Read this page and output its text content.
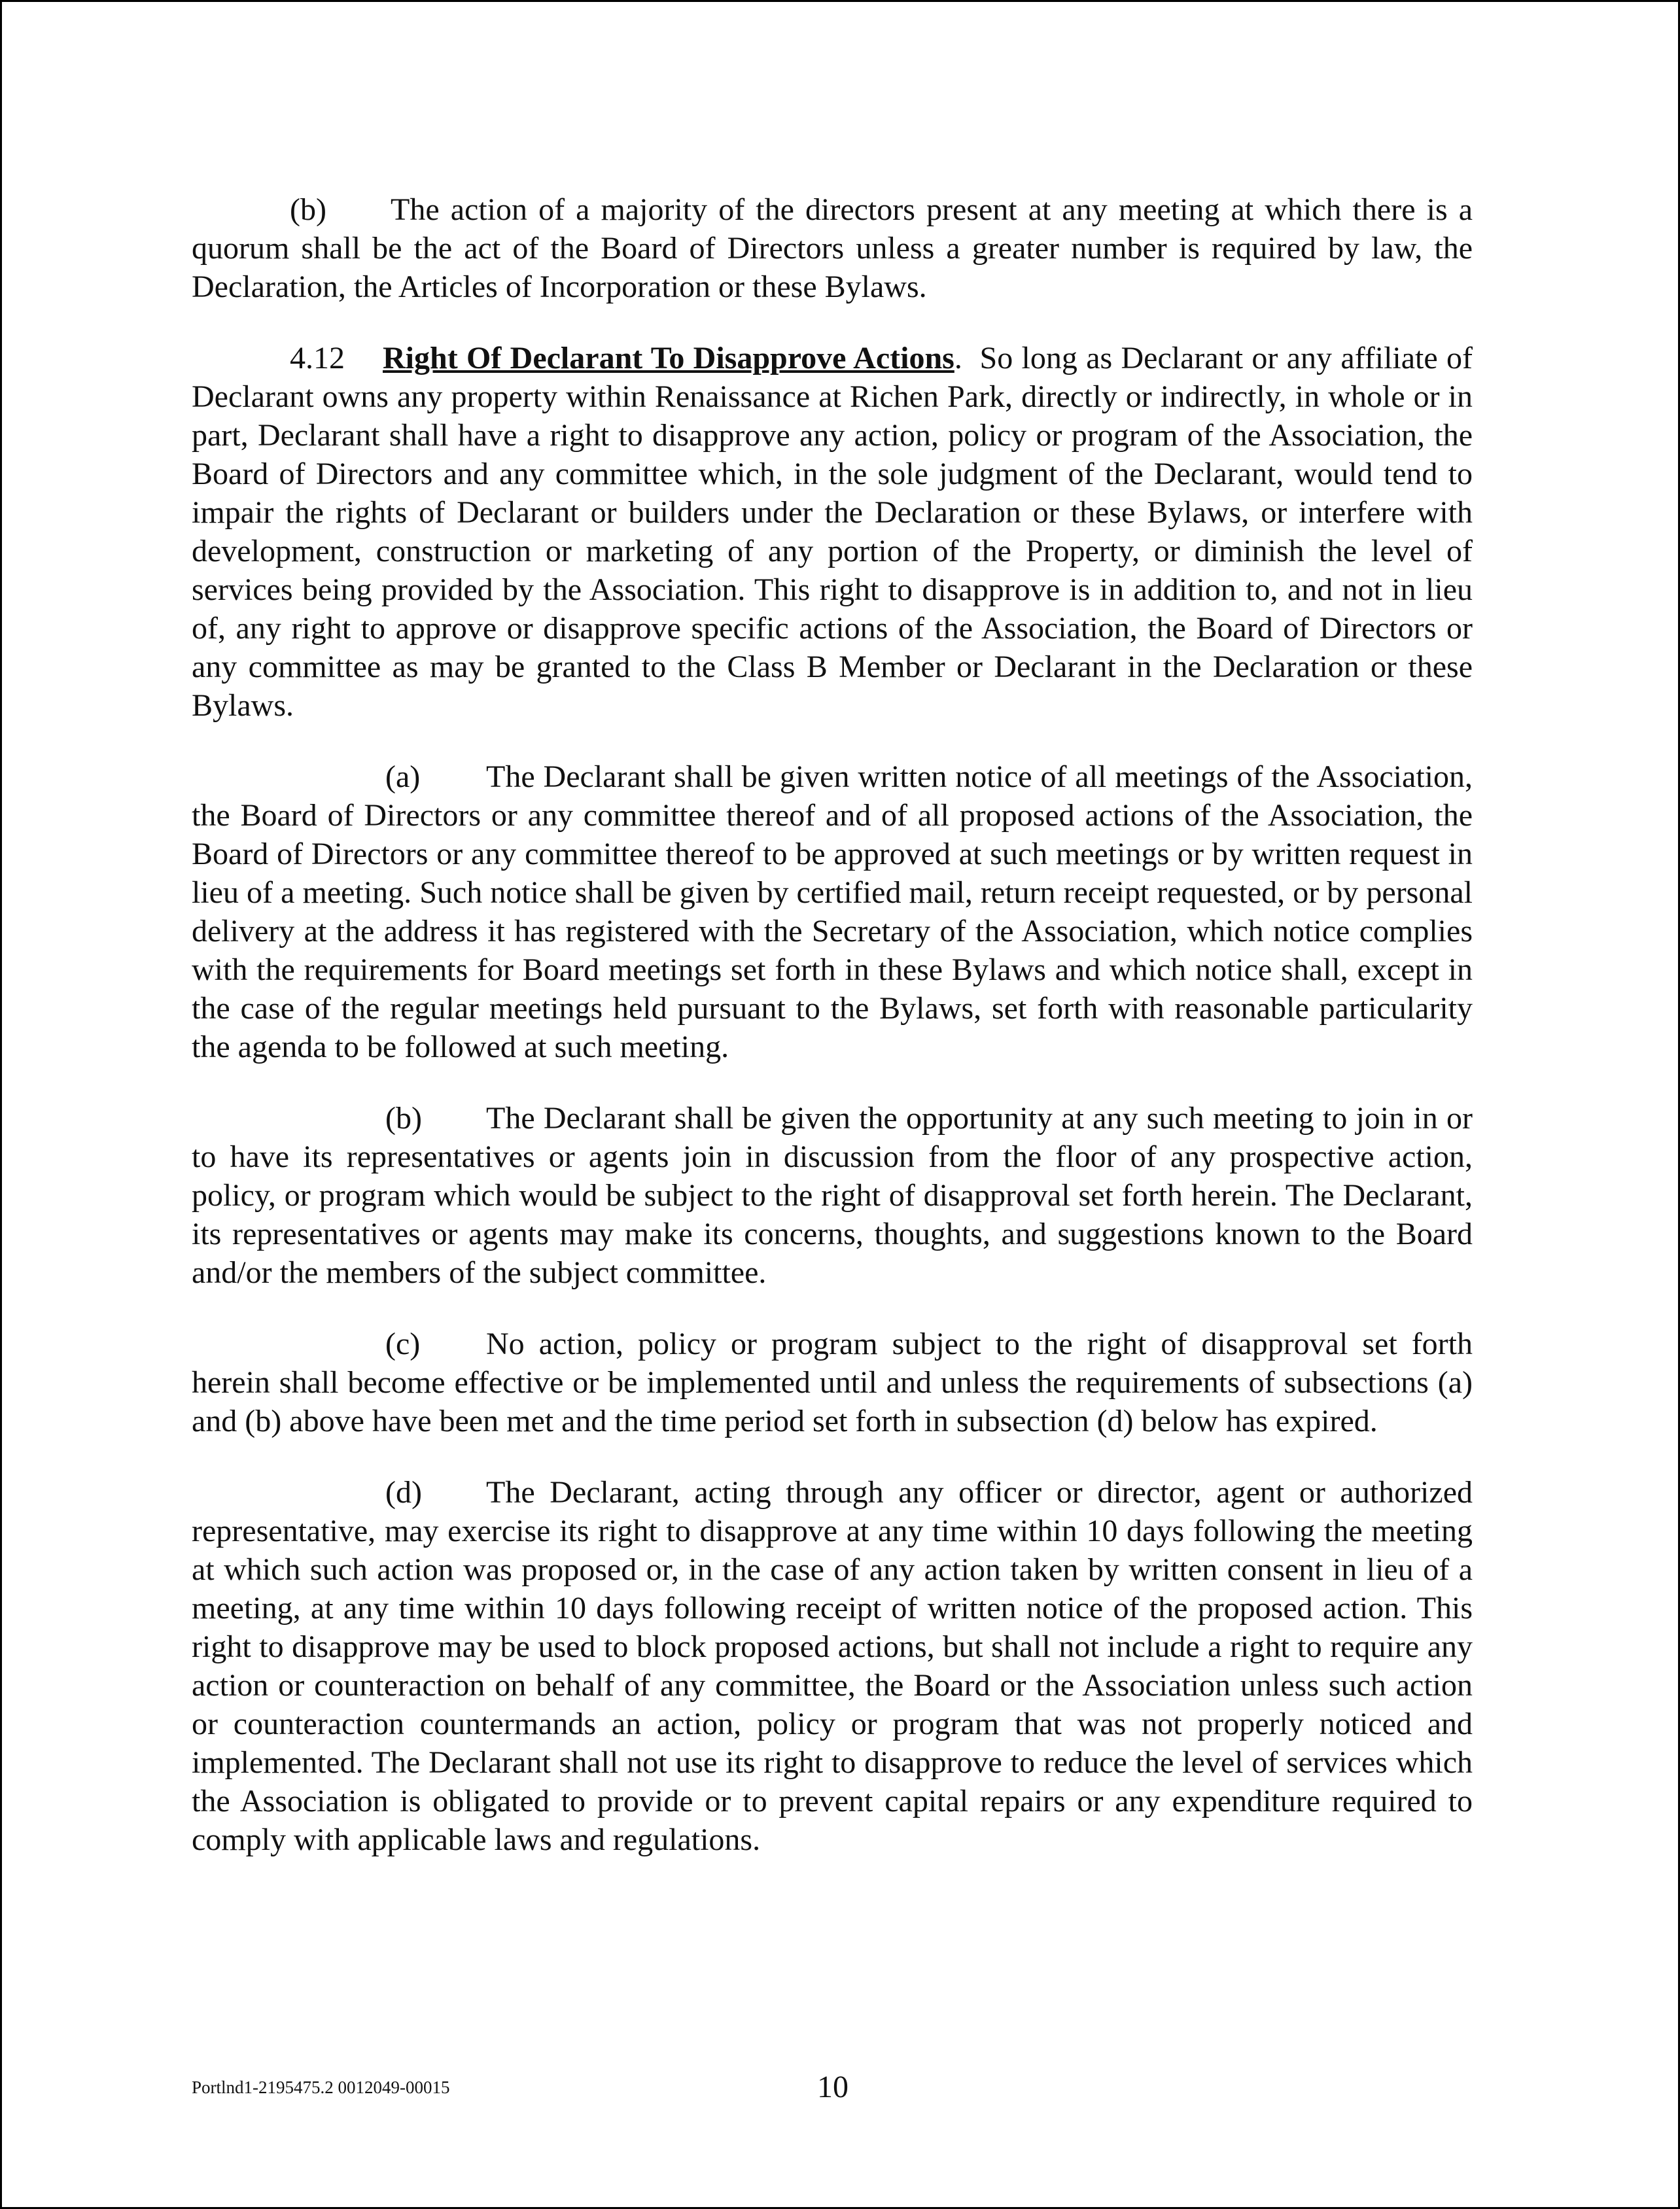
(b) The action of a majority of the directors present at any meeting at which there is a quorum shall be the act of the Board of Directors unless a greater number is required by law, the Declaration, the Articles of Incorporation or these Bylaws.

4.12 Right Of Declarant To Disapprove Actions. So long as Declarant or any affiliate of Declarant owns any property within Renaissance at Richen Park, directly or indirectly, in whole or in part, Declarant shall have a right to disapprove any action, policy or program of the Association, the Board of Directors and any committee which, in the sole judgment of the Declarant, would tend to impair the rights of Declarant or builders under the Declaration or these Bylaws, or interfere with development, construction or marketing of any portion of the Property, or diminish the level of services being provided by the Association. This right to disapprove is in addition to, and not in lieu of, any right to approve or disapprove specific actions of the Association, the Board of Directors or any committee as may be granted to the Class B Member or Declarant in the Declaration or these Bylaws.

(a) The Declarant shall be given written notice of all meetings of the Association, the Board of Directors or any committee thereof and of all proposed actions of the Association, the Board of Directors or any committee thereof to be approved at such meetings or by written request in lieu of a meeting. Such notice shall be given by certified mail, return receipt requested, or by personal delivery at the address it has registered with the Secretary of the Association, which notice complies with the requirements for Board meetings set forth in these Bylaws and which notice shall, except in the case of the regular meetings held pursuant to the Bylaws, set forth with reasonable particularity the agenda to be followed at such meeting.

(b) The Declarant shall be given the opportunity at any such meeting to join in or to have its representatives or agents join in discussion from the floor of any prospective action, policy, or program which would be subject to the right of disapproval set forth herein. The Declarant, its representatives or agents may make its concerns, thoughts, and suggestions known to the Board and/or the members of the subject committee.

(c) No action, policy or program subject to the right of disapproval set forth herein shall become effective or be implemented until and unless the requirements of subsections (a) and (b) above have been met and the time period set forth in subsection (d) below has expired.

(d) The Declarant, acting through any officer or director, agent or authorized representative, may exercise its right to disapprove at any time within 10 days following the meeting at which such action was proposed or, in the case of any action taken by written consent in lieu of a meeting, at any time within 10 days following receipt of written notice of the proposed action. This right to disapprove may be used to block proposed actions, but shall not include a right to require any action or counteraction on behalf of any committee, the Board or the Association unless such action or counteraction countermands an action, policy or program that was not properly noticed and implemented. The Declarant shall not use its right to disapprove to reduce the level of services which the Association is obligated to provide or to prevent capital repairs or any expenditure required to comply with applicable laws and regulations.

Portlnd1-2195475.2 0012049-00015	10
